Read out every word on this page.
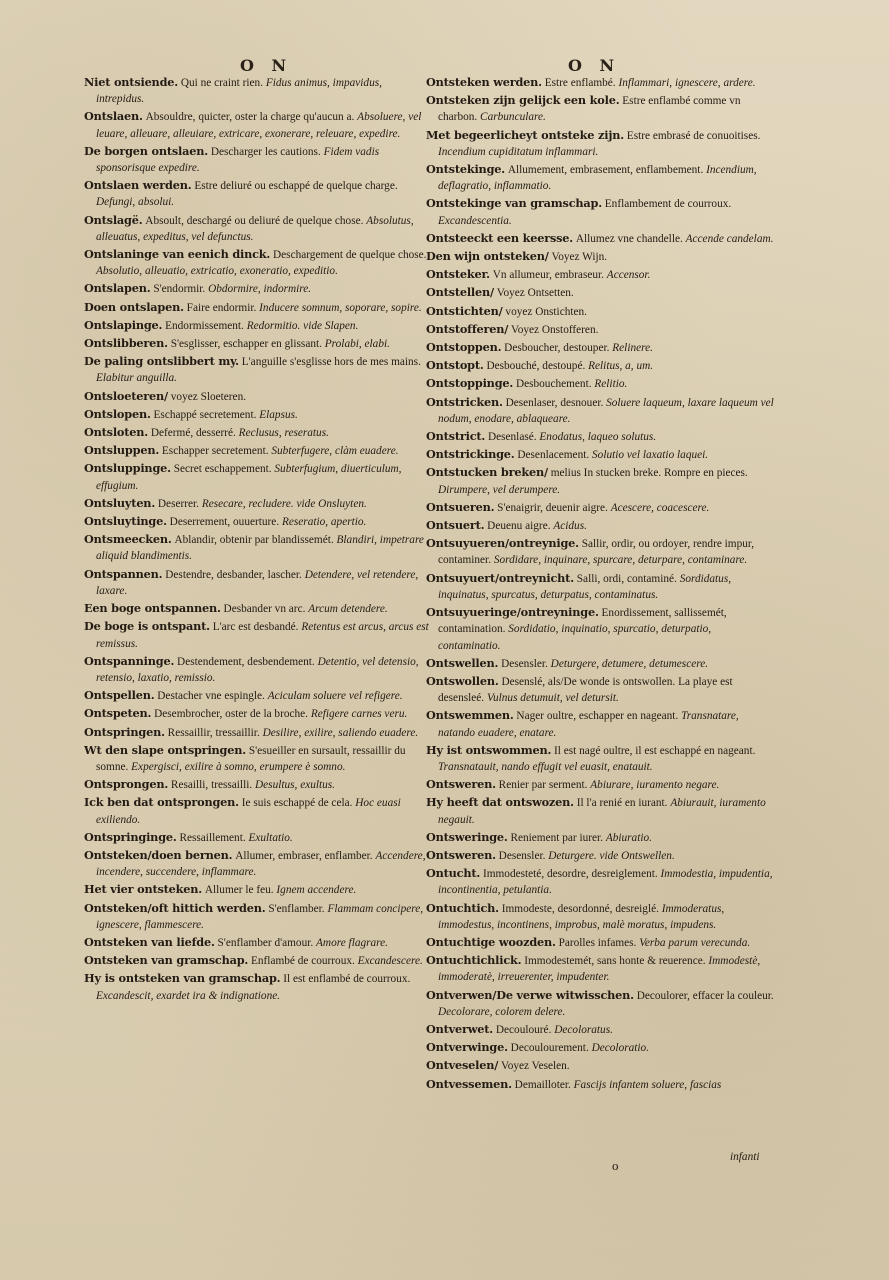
O N	O N
Niet ontsiende. Qui ne craint rien. Fidus animus, impavidus, intrepidus.
Ontslaen. Absouldre, quicter, oster la charge qu'aucun a. Absoluere, vel leuare, alleuare, alleuiare, extricare, exonerare, releuare, expedire.
De borgen ontslaen. Descharger les cautions. Fidem vadis sponsorisque expedire.
Ontslaen werden. Estre deliuré ou eschappé de quelque charge. Defungi, absolui.
Ontslagë. Absoult, deschargé ou deliuré de quelque chose. Absolutus, alleuatus, expeditus, vel defunctus.
Ontslaninge van eenich dinck. Deschargement de quelque chose. Absolutio, alleuatio, extricatio, exoneratio, expeditio.
Ontslapen. S'endormir. Obdormire, indormire.
Doen ontslapen. Faire endormir. Inducere somnum, soporare, sopire.
Ontslapinge. Endormissement. Redormitio. vide Slapen.
Ontslibberen. S'esglisser, eschapper en glissant. Prolabi, elabi.
De paling ontslibbert my. L'anguille s'esglisse hors de mes mains. Elabitur anguilla.
Ontsloeteren/ voyez Sloeteren.
Ontslopen. Eschappé secretement. Elapsus.
Ontsloten. Defermé, desserré. Reclusus, reseratus.
Ontsluppen. Eschapper secretement. Subterfugere, clàm euadere.
Ontsluppinge. Secret eschappement. Subterfugium, diuerticulum, effugium.
Ontsluyten. Deserrer. Resecare, recludere. vide Onsluyten.
Ontsluytinge. Deserrement, ouuerture. Reseratio, apertio.
Ontsmeecken. Ablandir, obtenir par blandissemét. Blandiri, impetrare aliquid blandimentis.
Ontspannen. Destendre, desbander, lascher. Detendere, vel retendere, laxare.
Een boge ontspannen. Desbander vn arc. Arcum detendere.
De boge is ontspant. L'arc est desbandé. Retentus est arcus, arcus est remissus.
Ontspanninge. Destendement, desbendement. Detentio, vel detensio, retensio, laxatio, remissio.
Ontspellen. Destacher vne espingle. Aciculam soluere vel refigere.
Ontspeten. Desembrocher, oster de la broche. Refigere carnes veru.
Ontspringen. Ressaillir, tressaillir. Desilire, exilire, saliendo euadere.
Wt den slape ontspringen. S'esueiller en sursault, ressaillir du somne. Expergisci, exilire à somno, erumpere è somno.
Ontsprongen. Resailli, tressailli. Desultus, exultus.
Ick ben dat ontsprongen. Ie suis eschappé de cela. Hoc euasi exiliendo.
Ontspringinge. Ressaillement. Exultatio.
Ontsteken/doen bernen. Allumer, embraser, enflamber. Accendere, incendere, succendere, inflammare.
Het vier ontsteken. Allumer le feu. Ignem accendere.
Ontsteken/oft hittich werden. S'enflamber. Flammam concipere, ignescere, flammescere.
Ontsteken van liefde. S'enflamber d'amour. Amore flagrare.
Ontsteken van gramschap. Enflambé de courroux. Excandescere.
Hy is ontsteken van gramschap. Il est enflambé de courroux. Excandescit, exardet ira & indignatione.
Ontsteken werden. Estre enflambé. Inflammari, ignescere, ardere.
Ontsteken zijn gelijck een kole. Estre enflambé comme vn charbon. Carbunculare.
Met begeerlicheyt ontsteke zijn. Estre embrasé de conuoitises. Incendium cupiditatum inflammari.
Ontstekinge. Allumement, embrasement, enflambement. Incendium, deflagratio, inflammatio.
Ontstekinge van gramschap. Enflambement de courroux. Excandescentia.
Ontsteeckt een keersse. Allumez vne chandelle. Accende candelam.
Den wijn ontsteken/ Voyez Wijn.
Ontsteker. Vn allumeur, embraseur. Accensor.
Ontstellen/ Voyez Ontsetten.
Ontstichten/ voyez Onstichten.
Ontstofferen/ Voyez Onstofferen.
Ontstoppen. Desboucher, destouper. Relinere.
Ontstopt. Desbouché, destoupé. Relitus, a, um.
Ontstoppinge. Desbouchement. Relitio.
Ontstricken. Desenlaser, desnouer. Soluere laqueum, laxare laqueum vel nodum, enodare, ablaqueare.
Ontstrict. Desenlasé. Enodatus, laqueo solutus.
Ontstrickinge. Desenlacement. Solutio vel laxatio laquei.
Ontstucken breken/ melius In stucken breke. Rompre en pieces. Dirumpere, vel derumpere.
Ontsueren. S'enaigrir, deuenir aigre. Acescere, coacescere.
Ontsuert. Deuenu aigre. Acidus.
Ontsuyueren/ontreynige. Sallir, ordir, ou ordoyer, rendre impur, contaminer. Sordidare, inquinare, spurcare, deturpare, contaminare.
Ontsuyuert/ontreynicht. Salli, ordi, contaminé. Sordidatus, inquinatus, spurcatus, deturpatus, contaminatus.
Ontsuyueringe/ontreyninge. Enordissement, sallissemét, contamination. Sordidatio, inquinatio, spurcatio, deturpatio, contaminatio.
Ontswellen. Desensler. Deturgere, detumere, detumescere.
Ontswollen. Desenslé, als/De wonde is ontswollen. La playe est desensleé. Vulnus detumuit, vel detursit.
Ontswemmen. Nager oultre, eschapper en nageant. Transnatare, natando euadere, enatare.
Hy ist ontswommen. Il est nagé oultre, il est eschappé en nageant. Transnatauit, nando effugit vel euasit, enatauit.
Ontsweren. Renier par serment. Abiurare, iuramento negare.
Hy heeft dat ontswozen. Il l'a renié en iurant. Abiurauit, iuramento negauit.
Ontsweringe. Reniement par iurer. Abiuratio.
Ontsweren. Desensler. Deturgere. vide Ontswellen.
Ontucht. Immodesteté, desordre, desreiglement. Immodestia, impudentia, incontinentia, petulantia.
Ontuchtich. Immodeste, desordonné, desreiglé. Immoderatus, immodestus, incontinens, improbus, malè moratus, impudens.
Ontuchtige woozden. Parolles infames. Verba parum verecunda.
Ontuchtichlick. Immodestemét, sans honte & reuerence. Immodestè, immoderatè, irreuerenter, impudenter.
Ontverwen/De verwe witwisschen. Decoulorer, effacer la couleur. Decolorare, colorem delere.
Ontverwet. Decoulouré. Decoloratus.
Ontverwinge. Decoulourement. Decoloratio.
Ontveselen/ Voyez Veselen.
Ontvessemen. Demailloter. Fascijs infantem soluere, fascias
o
infanti
